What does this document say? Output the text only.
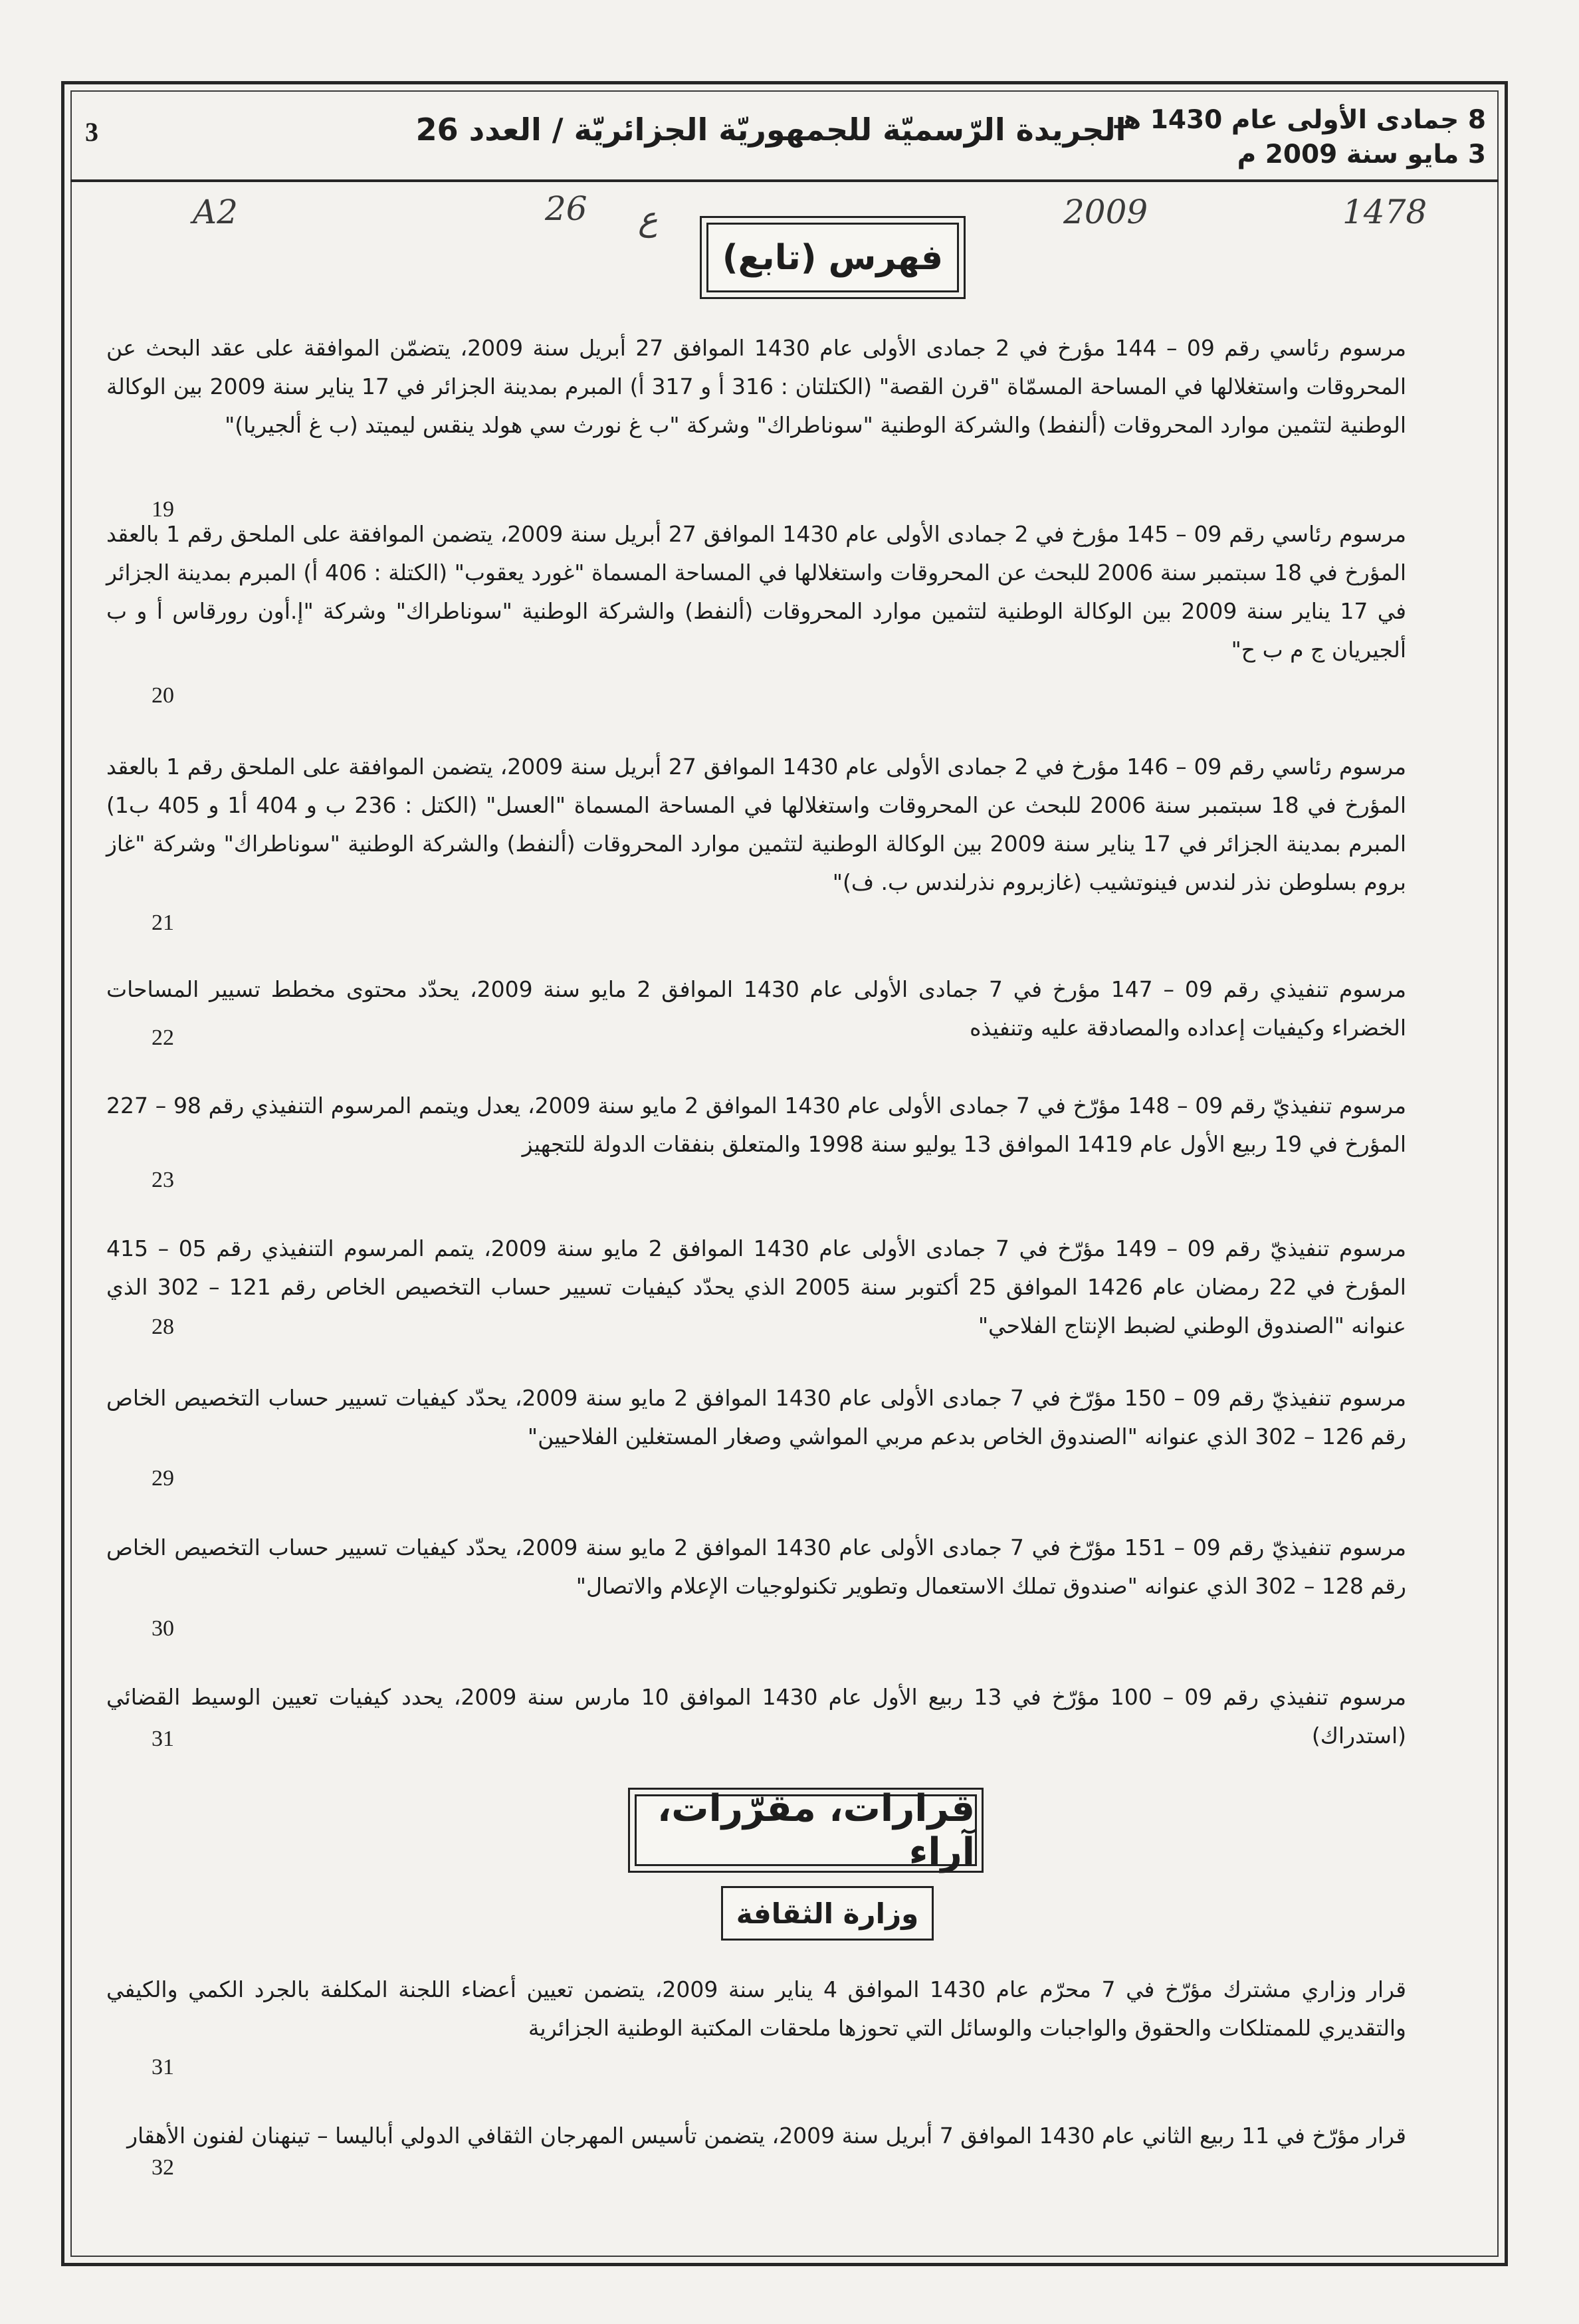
3	الجريدة الرّسميّة للجمهوريّة الجزائريّة / العدد 26
8 جمادى الأولى عام 1430 هـ
3 مايو سنة 2009 م
A2	26 ع	2009	1478
فهرس (تابع)
مرسوم رئاسي رقم 09 – 144 مؤرخ في 2 جمادى الأولى عام 1430 الموافق 27 أبريل سنة 2009، يتضمّن الموافقة على عقد البحث عن المحروقات واستغلالها في المساحة المسمّاة "قرن القصة" (الكتلتان : 316 أ و 317 أ) المبرم بمدينة الجزائر في 17 يناير سنة 2009 بين الوكالة الوطنية لتثمين موارد المحروقات (ألنفط) والشركة الوطنية "سوناطراك" وشركة "ب غ نورث سي هولد ينقس ليميتد (ب غ ألجيريا)"
19
مرسوم رئاسي رقم 09 – 145 مؤرخ في 2 جمادى الأولى عام 1430 الموافق 27 أبريل سنة 2009، يتضمن الموافقة على الملحق رقم 1 بالعقد المؤرخ في 18 سبتمبر سنة 2006 للبحث عن المحروقات واستغلالها في المساحة المسماة "غورد يعقوب" (الكتلة : 406 أ) المبرم بمدينة الجزائر في 17 يناير سنة 2009 بين الوكالة الوطنية لتثمين موارد المحروقات (ألنفط) والشركة الوطنية "سوناطراك" وشركة "إ.أون رورقاس أ و ب ألجيريان ج م ب ح"
20
مرسوم رئاسي رقم 09 – 146 مؤرخ في 2 جمادى الأولى عام 1430 الموافق 27 أبريل سنة 2009، يتضمن الموافقة على الملحق رقم 1 بالعقد المؤرخ في 18 سبتمبر سنة 2006 للبحث عن المحروقات واستغلالها في المساحة المسماة "العسل" (الكتل : 236 ب و 404 أ1 و 405 ب1) المبرم بمدينة الجزائر في 17 يناير سنة 2009 بين الوكالة الوطنية لتثمين موارد المحروقات (ألنفط) والشركة الوطنية "سوناطراك" وشركة "غاز بروم بسلوطن نذر لندس فينوتشيب (غازبروم نذرلندس ب. ف)"
21
مرسوم تنفيذي رقم 09 – 147 مؤرخ في 7 جمادى الأولى عام 1430 الموافق 2 مايو سنة 2009، يحدّد محتوى مخطط تسيير المساحات الخضراء وكيفيات إعداده والمصادقة عليه وتنفيذه
22
مرسوم تنفيذيّ رقم 09 – 148 مؤرّخ في 7 جمادى الأولى عام 1430 الموافق 2 مايو سنة 2009، يعدل ويتمم المرسوم التنفيذي رقم 98 – 227 المؤرخ في 19 ربيع الأول عام 1419 الموافق 13 يوليو سنة 1998 والمتعلق بنفقات الدولة للتجهيز
23
مرسوم تنفيذيّ رقم 09 – 149 مؤرّخ في 7 جمادى الأولى عام 1430 الموافق 2 مايو سنة 2009، يتمم المرسوم التنفيذي رقم 05 – 415 المؤرخ في 22 رمضان عام 1426 الموافق 25 أكتوبر سنة 2005 الذي يحدّد كيفيات تسيير حساب التخصيص الخاص رقم 121 – 302 الذي عنوانه "الصندوق الوطني لضبط الإنتاج الفلاحي"
28
مرسوم تنفيذيّ رقم 09 – 150 مؤرّخ في 7 جمادى الأولى عام 1430 الموافق 2 مايو سنة 2009، يحدّد كيفيات تسيير حساب التخصيص الخاص رقم 126 – 302 الذي عنوانه "الصندوق الخاص بدعم مربي المواشي وصغار المستغلين الفلاحيين"
29
مرسوم تنفيذيّ رقم 09 – 151 مؤرّخ في 7 جمادى الأولى عام 1430 الموافق 2 مايو سنة 2009، يحدّد كيفيات تسيير حساب التخصيص الخاص رقم 128 – 302 الذي عنوانه "صندوق تملك الاستعمال وتطوير تكنولوجيات الإعلام والاتصال"
30
مرسوم تنفيذي رقم 09 – 100 مؤرّخ في 13 ربيع الأول عام 1430 الموافق 10 مارس سنة 2009، يحدد كيفيات تعيين الوسيط القضائي (استدراك)
31
قرارات، مقرّرات، آراء
وزارة الثقافة
قرار وزاري مشترك مؤرّخ في 7 محرّم عام 1430 الموافق 4 يناير سنة 2009، يتضمن تعيين أعضاء اللجنة المكلفة بالجرد الكمي والكيفي والتقديري للممتلكات والحقوق والواجبات والوسائل التي تحوزها ملحقات المكتبة الوطنية الجزائرية
31
قرار مؤرّخ في 11 ربيع الثاني عام 1430 الموافق 7 أبريل سنة 2009، يتضمن تأسيس المهرجان الثقافي الدولي أباليسا – تينهنان لفنون الأهقار
32
